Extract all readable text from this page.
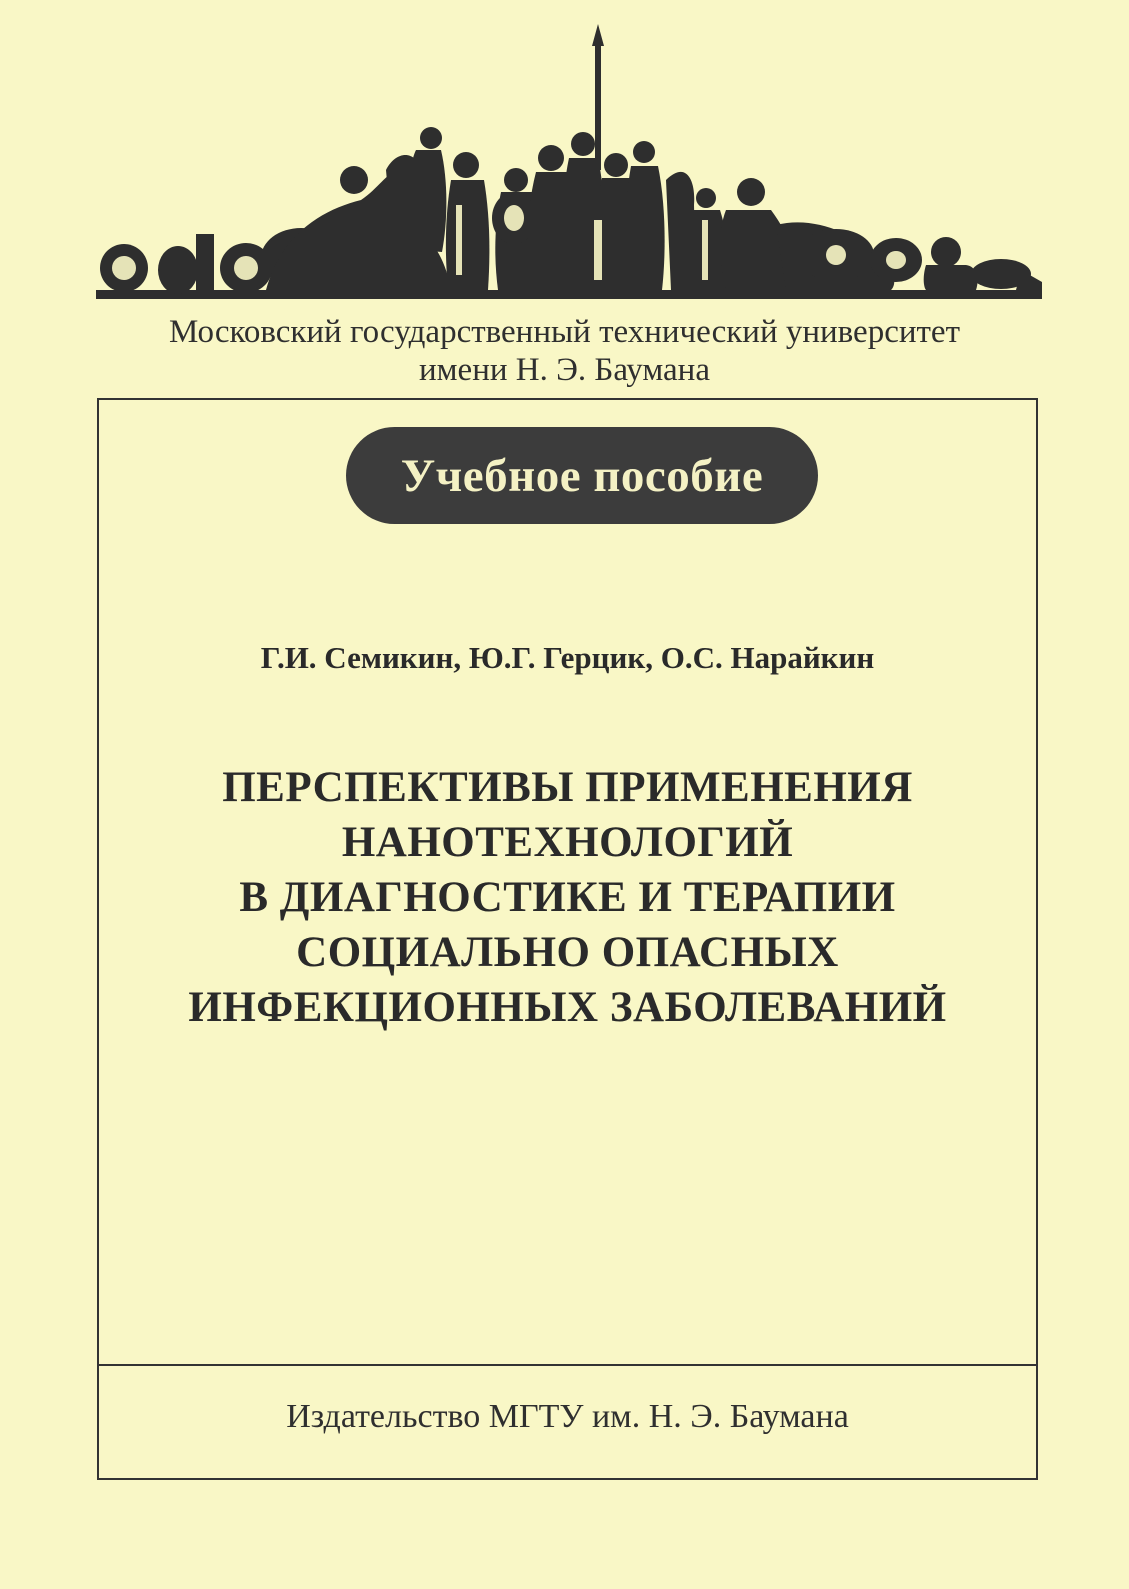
Московский государственный технический университет
имени Н. Э. Баумана
Учебное пособие
Г.И. Семикин, Ю.Г. Герцик, О.С. Нарайкин
ПЕРСПЕКТИВЫ ПРИМЕНЕНИЯ
НАНОТЕХНОЛОГИЙ
В ДИАГНОСТИКЕ И ТЕРАПИИ
СОЦИАЛЬНО ОПАСНЫХ
ИНФЕКЦИОННЫХ ЗАБОЛЕВАНИЙ
Издательство МГТУ им. Н. Э. Баумана
